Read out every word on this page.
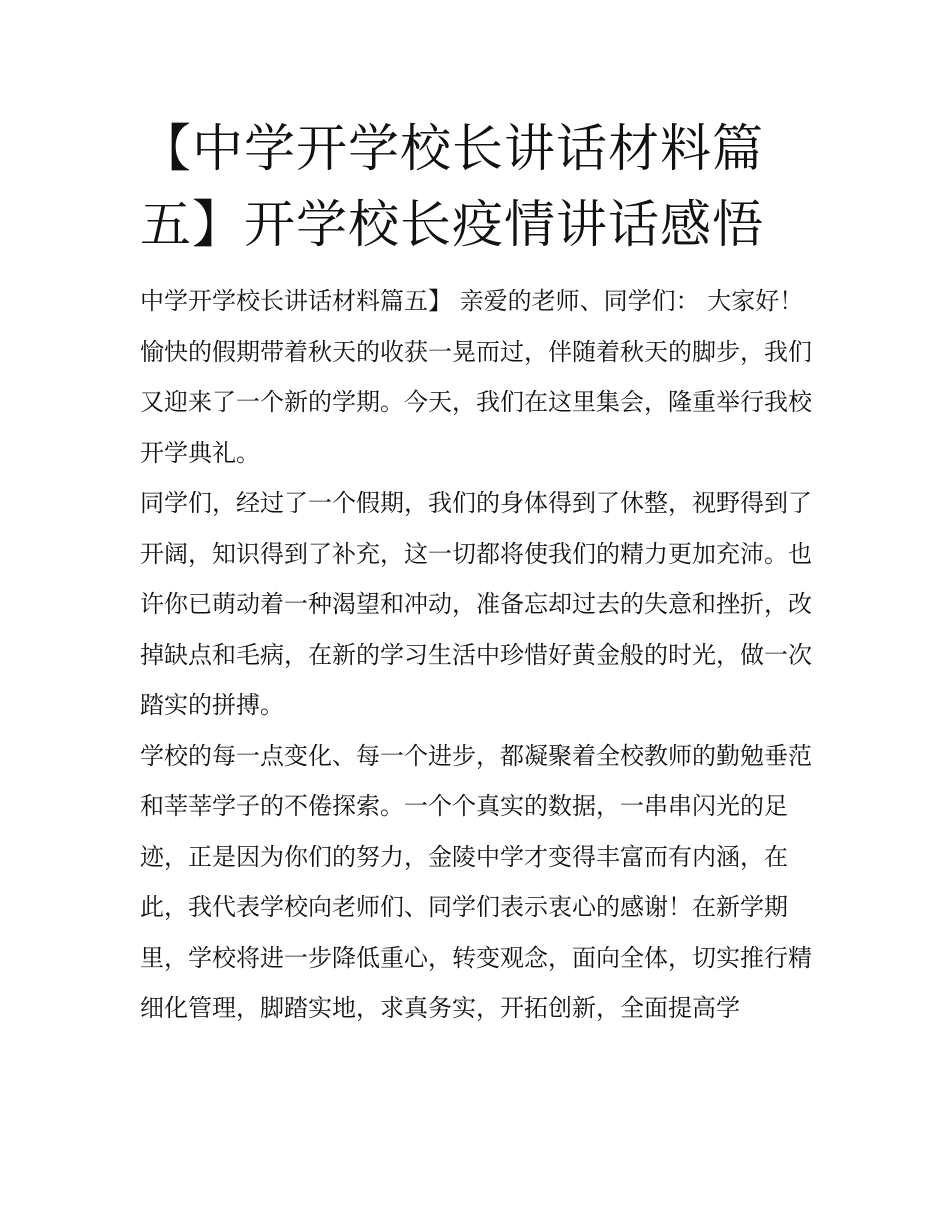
【中学开学校长讲话材料篇五】开学校长疫情讲话感悟

中学开学校长讲话材料篇五】 亲爱的老师、同学们： 大家好！

愉快的假期带着秋天的收获一晃而过，伴随着秋天的脚步，我们又迎来了一个新的学期。今天，我们在这里集会，隆重举行我校开学典礼。

同学们，经过了一个假期，我们的身体得到了休整，视野得到了开阔，知识得到了补充，这一切都将使我们的精力更加充沛。也许你已萌动着一种渴望和冲动，准备忘却过去的失意和挫折，改掉缺点和毛病，在新的学习生活中珍惜好黄金般的时光，做一次踏实的拼搏。

学校的每一点变化、每一个进步，都凝聚着全校教师的勤勉垂范和莘莘学子的不倦探索。一个个真实的数据，一串串闪光的足迹，正是因为你们的努力，金陵中学才变得丰富而有内涵，在此，我代表学校向老师们、同学们表示衷心的感谢！在新学期里，学校将进一步降低重心，转变观念，面向全体，切实推行精细化管理，脚踏实地，求真务实，开拓创新，全面提高学
